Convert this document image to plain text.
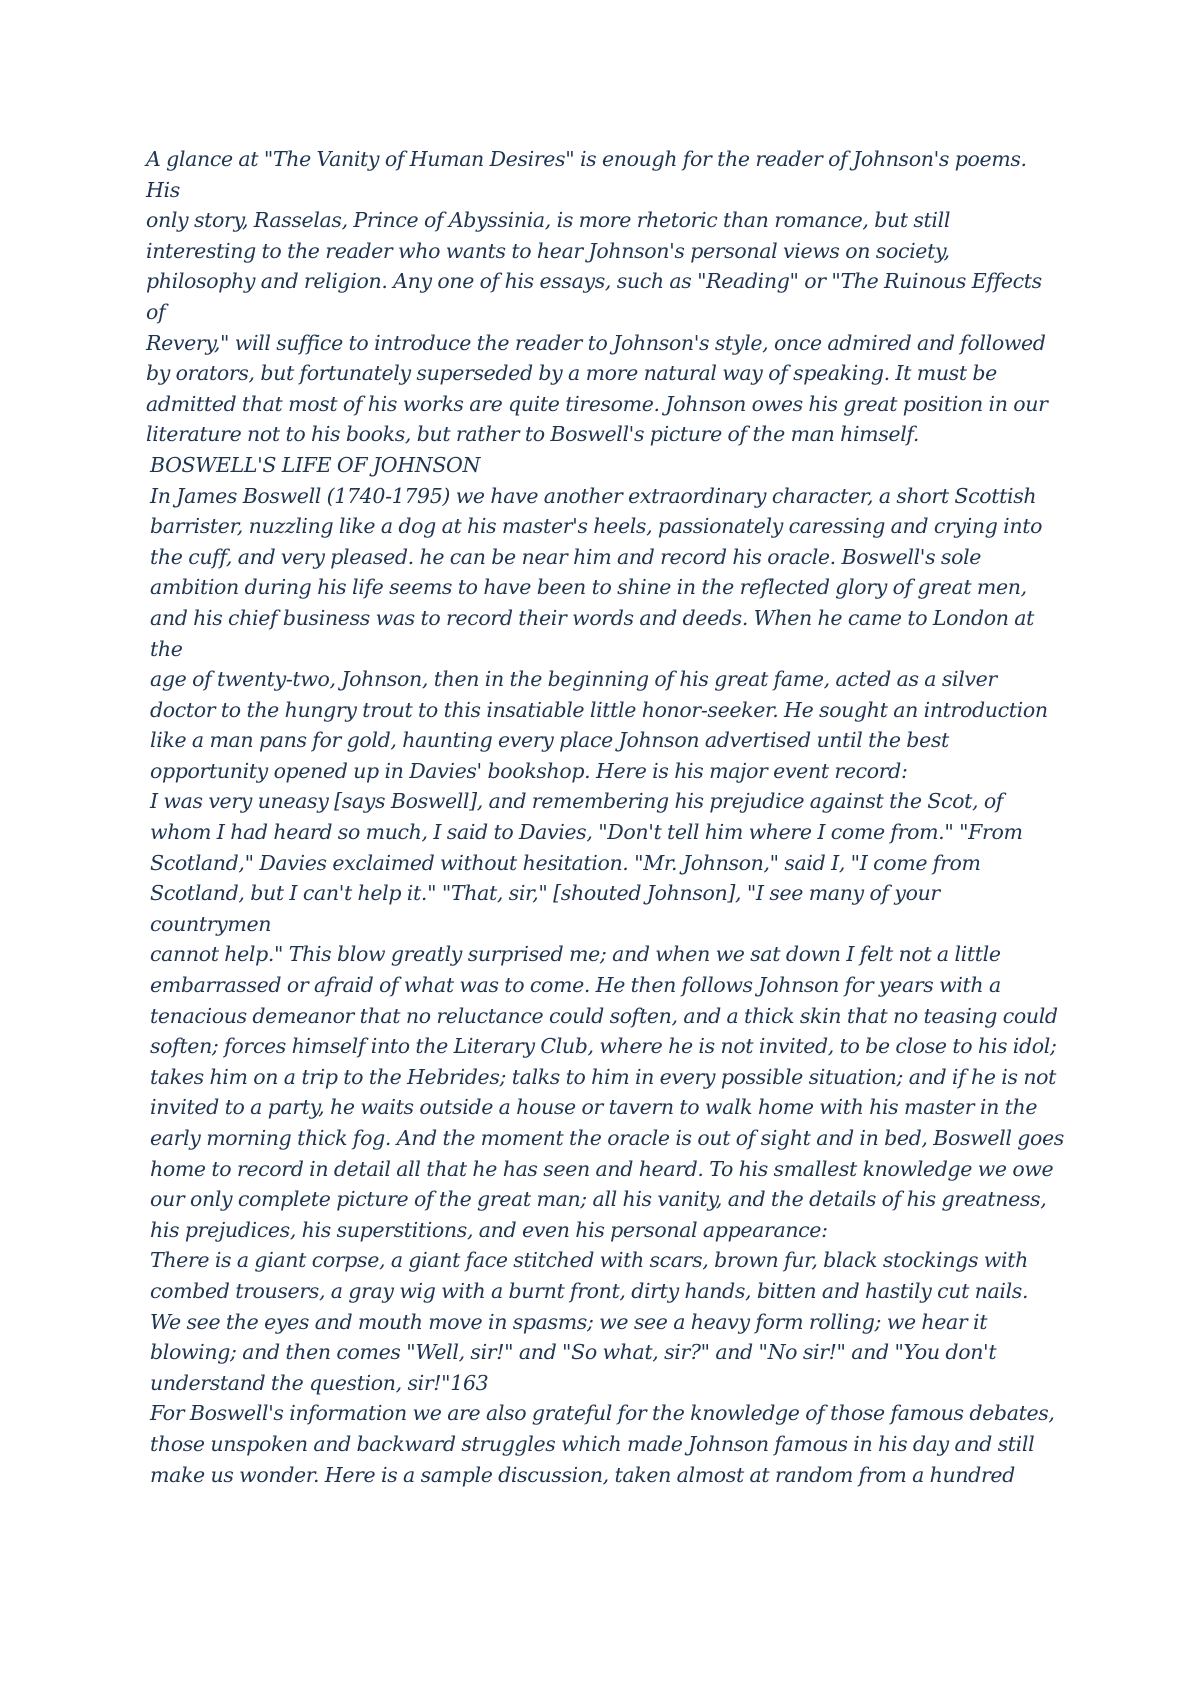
A glance at "The Vanity of Human Desires" is enough for the reader of Johnson's poems. His
only story, Rasselas, Prince of Abyssinia, is more rhetoric than romance, but still
interesting to the reader who wants to hear Johnson's personal views on society,
philosophy and religion. Any one of his essays, such as "Reading" or "The Ruinous Effects of
Revery," will suffice to introduce the reader to Johnson's style, once admired and followed
by orators, but fortunately superseded by a more natural way of speaking. It must be
admitted that most of his works are quite tiresome. Johnson owes his great position in our
literature not to his books, but rather to Boswell's picture of the man himself.

BOSWELL'S LIFE OF JOHNSON

In James Boswell (1740-1795) we have another extraordinary character, a short Scottish
barrister, nuzzling like a dog at his master's heels, passionately caressing and crying into
the cuff, and very pleased. he can be near him and record his oracle. Boswell's sole
ambition during his life seems to have been to shine in the reflected glory of great men,
and his chief business was to record their words and deeds. When he came to London at the
age of twenty-two, Johnson, then in the beginning of his great fame, acted as a silver
doctor to the hungry trout to this insatiable little honor-seeker. He sought an introduction
like a man pans for gold, haunting every place Johnson advertised until the best
opportunity opened up in Davies' bookshop. Here is his major event record:

I was very uneasy [says Boswell], and remembering his prejudice against the Scot, of
whom I had heard so much, I said to Davies, "Don't tell him where I come from." "From
Scotland," Davies exclaimed without hesitation. "Mr. Johnson," said I, "I come from
Scotland, but I can't help it." "That, sir," [shouted Johnson], "I see many of your countrymen
cannot help." This blow greatly surprised me; and when we sat down I felt not a little
embarrassed or afraid of what was to come. He then follows Johnson for years with a
tenacious demeanor that no reluctance could soften, and a thick skin that no teasing could
soften; forces himself into the Literary Club, where he is not invited, to be close to his idol;
takes him on a trip to the Hebrides; talks to him in every possible situation; and if he is not
invited to a party, he waits outside a house or tavern to walk home with his master in the
early morning thick fog. And the moment the oracle is out of sight and in bed, Boswell goes
home to record in detail all that he has seen and heard. To his smallest knowledge we owe
our only complete picture of the great man; all his vanity, and the details of his greatness,
his prejudices, his superstitions, and even his personal appearance:

There is a giant corpse, a giant face stitched with scars, brown fur, black stockings with
combed trousers, a gray wig with a burnt front, dirty hands, bitten and hastily cut nails.
We see the eyes and mouth move in spasms; we see a heavy form rolling; we hear it
blowing; and then comes "Well, sir!" and "So what, sir?" and "No sir!" and "You don't
understand the question, sir!"163

For Boswell's information we are also grateful for the knowledge of those famous debates,
those unspoken and backward struggles which made Johnson famous in his day and still
make us wonder. Here is a sample discussion, taken almost at random from a hundred
